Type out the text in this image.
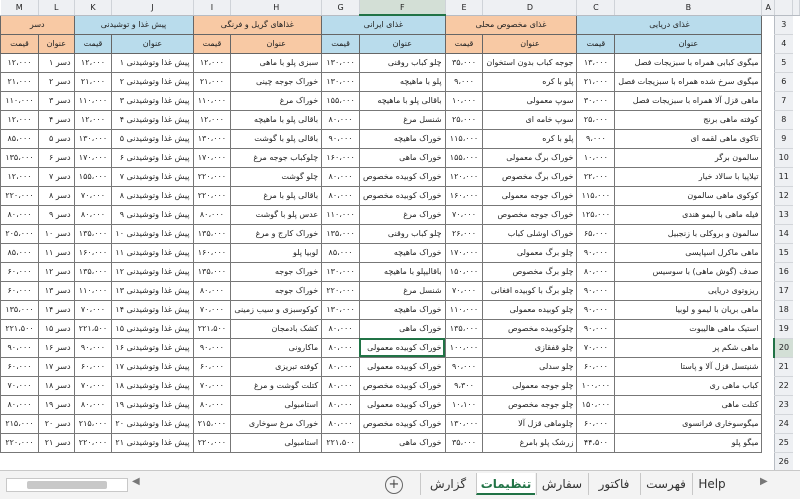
M	L	K	J	I	H	G	F	E	D	C	B	A		
دسر		پیش غذا و توشیدنی		غذاهای گریل و فرنگی		غذای ایرانی		غذای مخصوص محلی		غذای دریایی			3	
قیمت	عنوان	قیمت	عنوان	قیمت	عنوان	قیمت	عنوان	قیمت	عنوان	قیمت	عنوان		4	
۱۲،۰۰۰	دسر ۱	۱۲،۰۰۰	پیش غذا وتوشیدنی ۱	۱۲،۰۰۰	سبزی پلو با ماهی	۱۳۰،۰۰۰	چلو کباب روقنی	۳۵،۰۰۰	جوجه کباب بدون استخوان	۱۳،۰۰۰	میگوی کبابی همراه با سبزیجات فصل		5	
۲۱،۰۰۰	دسر ۲	۲۱،۰۰۰	پیش غذا وتوشیدنی ۲	۲۱،۰۰۰	خوراک جوجه چینی	۱۳۰،۰۰۰	پلو با ماهیچه	۹،۰۰۰	پلو با کره	۲۱،۰۰۰	میگوی سرخ شده همراه با سبزیجات فصل		6	
۱۱۰،۰۰۰	دسر ۳	۱۱۰،۰۰۰	پیش غذا وتوشیدنی ۳	۱۱۰،۰۰۰	خوراک مرغ	۱۵۵،۰۰۰	باقالی پلو با ماهیچه	۱۰،۰۰۰	سوپ معمولی	۳۰،۰۰۰	ماهی قزل آلا همراه با سبزیجات فصل		7	
۱۲،۰۰۰	دسر ۴	۱۲،۰۰۰	پیش غذا وتوشیدنی ۴	۱۲،۰۰۰	باقالی پلو با ماهیچه	۸۰،۰۰۰	شنسل مرغ	۲۵،۰۰۰	سوپ خامه ای	۲۵،۰۰۰	کوفته ماهی برنج		8	
۸۵،۰۰۰	دسر ۵	۱۳۰،۰۰۰	پیش غذا وتوشیدنی ۵	۱۳۰،۰۰۰	باقالی پلو با گوشت	۹۰،۰۰۰	خوراک ماهیچه	۱۱۵،۰۰۰	پلو با کره	۹،۰۰۰	تاکوی ماهی لقمه ای		9	
۱۳۵،۰۰۰	دسر ۶	۱۷۰،۰۰۰	پیش غذا وتوشیدنی ۶	۱۷۰،۰۰۰	چلوکباب جوجه مرغ	۱۶۰،۰۰۰	خوراک ماهی	۱۵۵،۰۰۰	خوراک برگ معمولی	۱۰،۰۰۰	سالمون برگر		10	
۱۲،۰۰۰	دسر ۷	۱۵۵،۰۰۰	پیش غذا وتوشیدنی ۷	۲۲۰،۰۰۰	چلو گوشت	۸۰،۰۰۰	خوراک کوبیده مخصوص	۱۲۰،۰۰۰	خوراک برگ مخصوص	۲۲،۰۰۰	تیلاپیا با سالاد خیار		11	
۲۲۰،۰۰۰	دسر ۸	۷۰،۰۰۰	پیش غذا وتوشیدنی ۸	۲۲۰،۰۰۰	باقالی پلو با مرغ	۸۰،۰۰۰	خوراک کوبیده مخصوص	۱۶۰،۰۰۰	خوراک جوجه معمولی	۱۱۵،۰۰۰	کوکوی ماهی سالمون		12	
۸۰،۰۰۰	دسر ۹	۸۰،۰۰۰	پیش غذا وتوشیدنی ۹	۸۰،۰۰۰	عدس پلو با گوشت	۱۱۰،۰۰۰	خوراک مرغ	۷۰،۰۰۰	خوراک جوجه مخصوص	۱۲۵،۰۰۰	فیله ماهی با لیمو هندی		13	
۲۰۵،۰۰۰	دسر ۱۰	۱۳۵،۰۰۰	پیش غذا وتوشیدنی ۱۰	۱۳۵،۰۰۰	خوراک کارج و مرغ	۱۳۵،۰۰۰	چلو کباب روقنی	۲۶،۰۰۰	خوراک اوشلی کباب	۶۵،۰۰۰	سالمون و بروکلی با زنجبیل		14	
۸۵،۰۰۰	دسر ۱۱	۱۶۰،۰۰۰	پیش غذا وتوشیدنی ۱۱	۱۶۰،۰۰۰	لوبیا پلو	۸۵،۰۰۰	خوراک ماهیچه	۱۷۰،۰۰۰	چلو برگ معمولی	۹۰،۰۰۰	ماهی ماکرل اسپایسی		15	
۶۰،۰۰۰	دسر ۱۲	۱۳۵،۰۰۰	پیش غذا وتوشیدنی ۱۲	۱۳۵،۰۰۰	خوراک جوجه	۱۳۰،۰۰۰	باقالیپلو با ماهیچه	۱۵۰،۰۰۰	چلو برگ مخصوص	۸۰،۰۰۰	صدف (گوش ماهی) با سوسیس		16	
۶۰،۰۰۰	دسر ۱۳	۱۱۰،۰۰۰	پیش غذا وتوشیدنی ۱۳	۸۰،۰۰۰	خوراک جوجه	۲۲۰،۰۰۰	شنسل مرغ	۷۰،۰۰۰	چلو برگ با کوبیده افغانی	۹۰،۰۰۰	ریزوتوی دریایی		17	
۱۳۵،۰۰۰	دسر ۱۴	۷۰،۰۰۰	پیش غذا وتوشیدنی ۱۴	۷۰،۰۰۰	کوکوسبزی و سیب زمینی	۱۳۰،۰۰۰	خوراک ماهیچه	۱۱۰،۰۰۰	چلو کوبیده معمولی	۹۰،۰۰۰	ماهی بریان با لیمو و لوبیا		18	
۲۲۱،۵۰۰	دسر ۱۵	۲۲۱،۵۰۰	پیش غذا وتوشیدنی ۱۵	۲۲۱،۵۰۰	کشک بادمجان	۸۰،۰۰۰	خوراک ماهی	۱۳۵،۰۰۰	چلوکوبیده مخصوص	۹۰،۰۰۰	استیک ماهی هالیبوت		19	
۹۰،۰۰۰	دسر ۱۶	۹۰،۰۰۰	پیش غذا وتوشیدنی ۱۶	۹۰،۰۰۰	ماکارونی	۸۰،۰۰۰	خوراک کوبیده معمولی	۱۰۰،۰۰۰	چلو قفقازی	۷۰،۰۰۰	ماهی شکم پر		20	
۶۰،۰۰۰	دسر ۱۷	۶۰،۰۰۰	پیش غذا وتوشیدنی ۱۷	۶۰،۰۰۰	کوفته تبریزی	۸۰،۰۰۰	خوراک کوبیده معمولی	۹۰،۰۰۰	چلو سدلی	۶۰،۰۰۰	شنیتسل قزل آلا و پاستا		21	
۷۰،۰۰۰	دسر ۱۸	۷۰،۰۰۰	پیش غذا وتوشیدنی ۱۸	۷۰،۰۰۰	کتلت گوشت و مرغ	۸۰،۰۰۰	خوراک کوبیده مخصوص	۹،۳۰۰	چلو جوجه معمولی	۱۰۰،۰۰۰	کباب ماهی ری		22	
۸۰،۰۰۰	دسر ۱۹	۸۰،۰۰۰	پیش غذا وتوشیدنی ۱۹	۸۰،۰۰۰	استامبولی	۸۰،۰۰۰	خوراک کوبیده معمولی	۱۰،۱۰۰	چلو جوجه مخصوص	۱۵۰،۰۰۰	کتلت ماهی		23	
۲۱۵،۰۰۰	دسر ۲۰	۲۱۵،۰۰۰	پیش غذا وتوشیدنی ۲۰	۲۱۵،۰۰۰	خوراک مرغ سوخاری	۸۰،۰۰۰	خوراک کوبیده مخصوص	۱۳۰،۰۰۰	چلوماهی قزل آلا	۶۰،۰۰۰	میگوسوخاری فرانسوی		24	
۲۲۰،۰۰۰	دسر ۲۱	۲۲۰،۰۰۰	پیش غذا وتوشیدنی ۲۱	۲۲۰،۰۰۰	استامبولی	۲۲۱،۵۰۰	خوراک ماهی	۳۵،۰۰۰	زرشک پلو بامرغ	۴۴،۵۰۰	میگو پلو		25	
													26	
◀	+	گزارش	تنظیمات سفارش	فاکتور	فهرست	Help	▶
